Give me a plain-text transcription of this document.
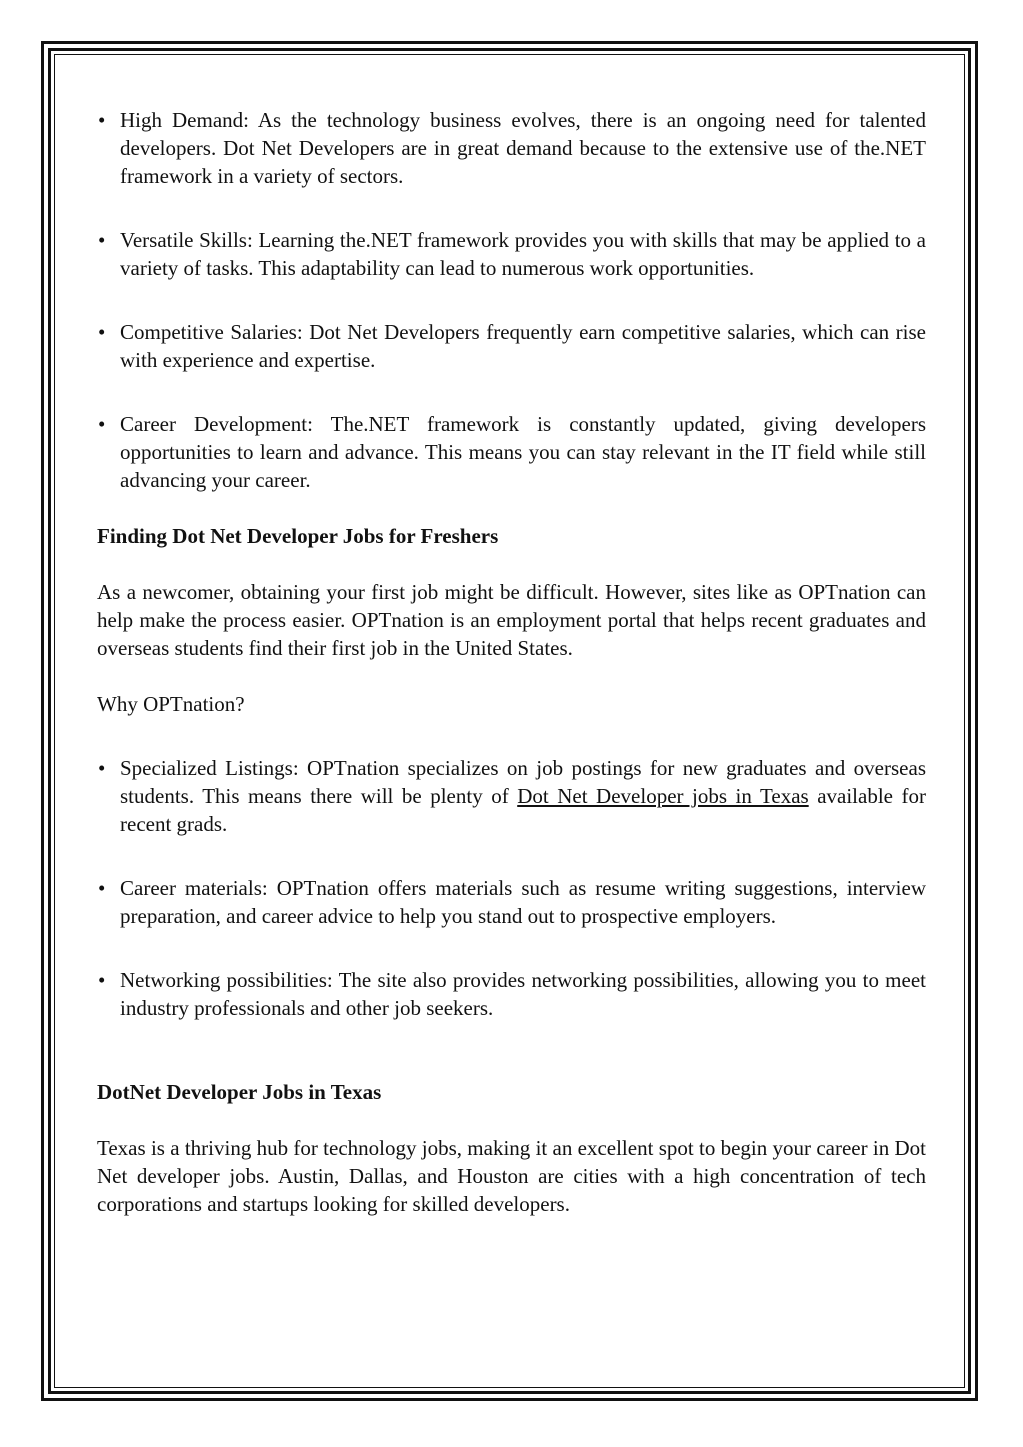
• High Demand: As the technology business evolves, there is an ongoing need for talented developers. Dot Net Developers are in great demand because to the extensive use of the.NET framework in a variety of sectors.

• Versatile Skills: Learning the.NET framework provides you with skills that may be applied to a variety of tasks. This adaptability can lead to numerous work opportunities.

• Competitive Salaries: Dot Net Developers frequently earn competitive salaries, which can rise with experience and expertise.

• Career Development: The.NET framework is constantly updated, giving developers opportunities to learn and advance. This means you can stay relevant in the IT field while still advancing your career.

Finding Dot Net Developer Jobs for Freshers

As a newcomer, obtaining your first job might be difficult. However, sites like as OPTnation can help make the process easier. OPTnation is an employment portal that helps recent graduates and overseas students find their first job in the United States.

Why OPTnation?

• Specialized Listings: OPTnation specializes on job postings for new graduates and overseas students. This means there will be plenty of Dot Net Developer jobs in Texas available for recent grads.

• Career materials: OPTnation offers materials such as resume writing suggestions, interview preparation, and career advice to help you stand out to prospective employers.

• Networking possibilities: The site also provides networking possibilities, allowing you to meet industry professionals and other job seekers.

DotNet Developer Jobs in Texas

Texas is a thriving hub for technology jobs, making it an excellent spot to begin your career in Dot Net developer jobs. Austin, Dallas, and Houston are cities with a high concentration of tech corporations and startups looking for skilled developers.
